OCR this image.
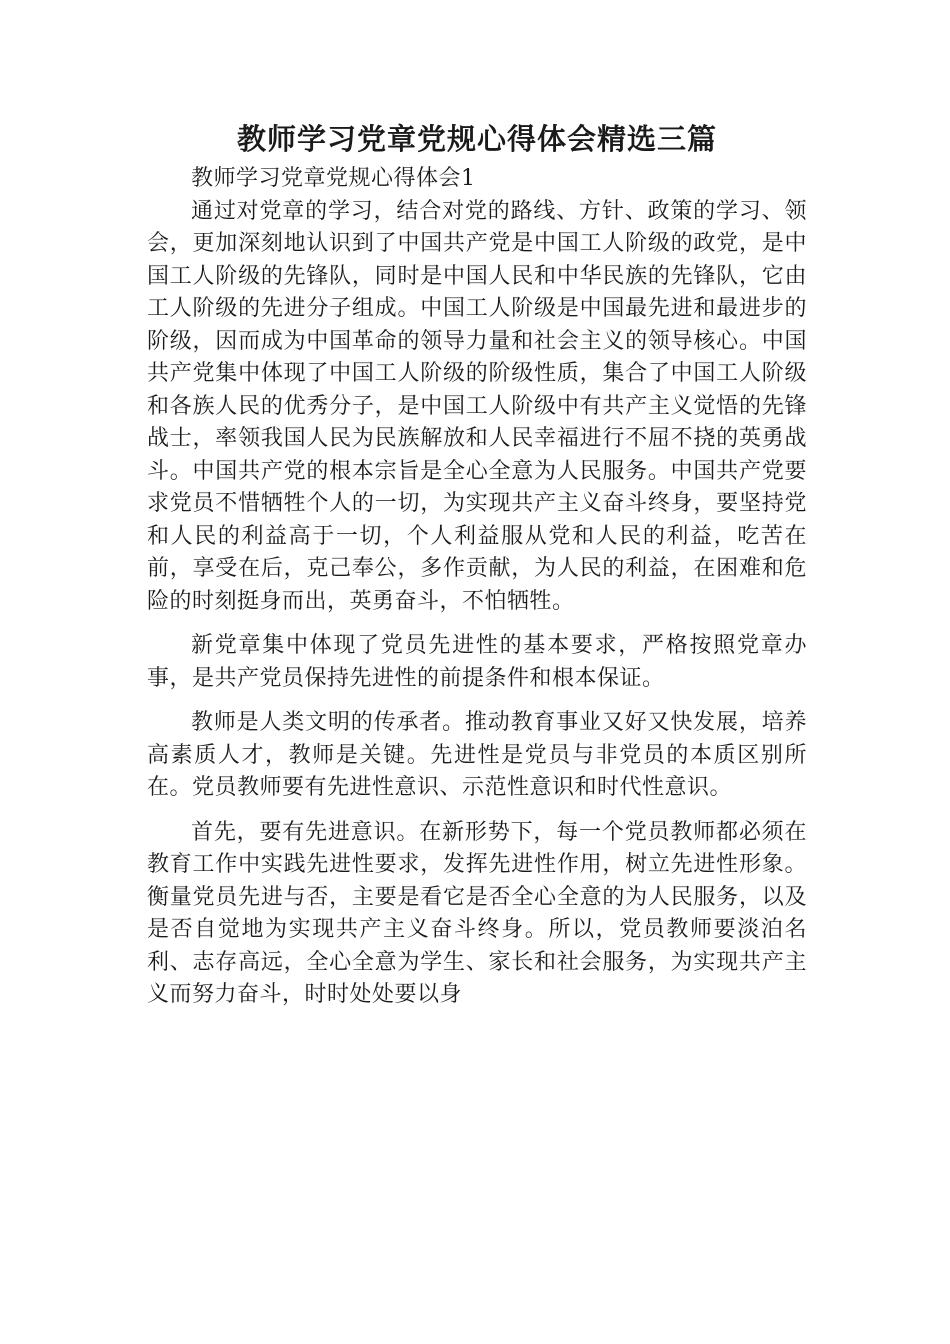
教师学习党章党规心得体会精选三篇

教师学习党章党规心得体会1

通过对党章的学习，结合对党的路线、方针、政策的学习、领会，更加深刻地认识到了中国共产党是中国工人阶级的政党，是中国工人阶级的先锋队，同时是中国人民和中华民族的先锋队，它由工人阶级的先进分子组成。中国工人阶级是中国最先进和最进步的阶级，因而成为中国革命的领导力量和社会主义的领导核心。中国共产党集中体现了中国工人阶级的阶级性质，集合了中国工人阶级和各族人民的优秀分子，是中国工人阶级中有共产主义觉悟的先锋战士，率领我国人民为民族解放和人民幸福进行不屈不挠的英勇战斗。中国共产党的根本宗旨是全心全意为人民服务。中国共产党要求党员不惜牺牲个人的一切，为实现共产主义奋斗终身，要坚持党和人民的利益高于一切，个人利益服从党和人民的利益，吃苦在前，享受在后，克己奉公，多作贡献，为人民的利益，在困难和危险的时刻挺身而出，英勇奋斗，不怕牺牲。

新党章集中体现了党员先进性的基本要求，严格按照党章办事，是共产党员保持先进性的前提条件和根本保证。

教师是人类文明的传承者。推动教育事业又好又快发展，培养高素质人才，教师是关键。先进性是党员与非党员的本质区别所在。党员教师要有先进性意识、示范性意识和时代性意识。

首先，要有先进意识。在新形势下，每一个党员教师都必须在教育工作中实践先进性要求，发挥先进性作用，树立先进性形象。衡量党员先进与否，主要是看它是否全心全意的为人民服务，以及是否自觉地为实现共产主义奋斗终身。所以，党员教师要淡泊名利、志存高远，全心全意为学生、家长和社会服务，为实现共产主义而努力奋斗，时时处处要以身
